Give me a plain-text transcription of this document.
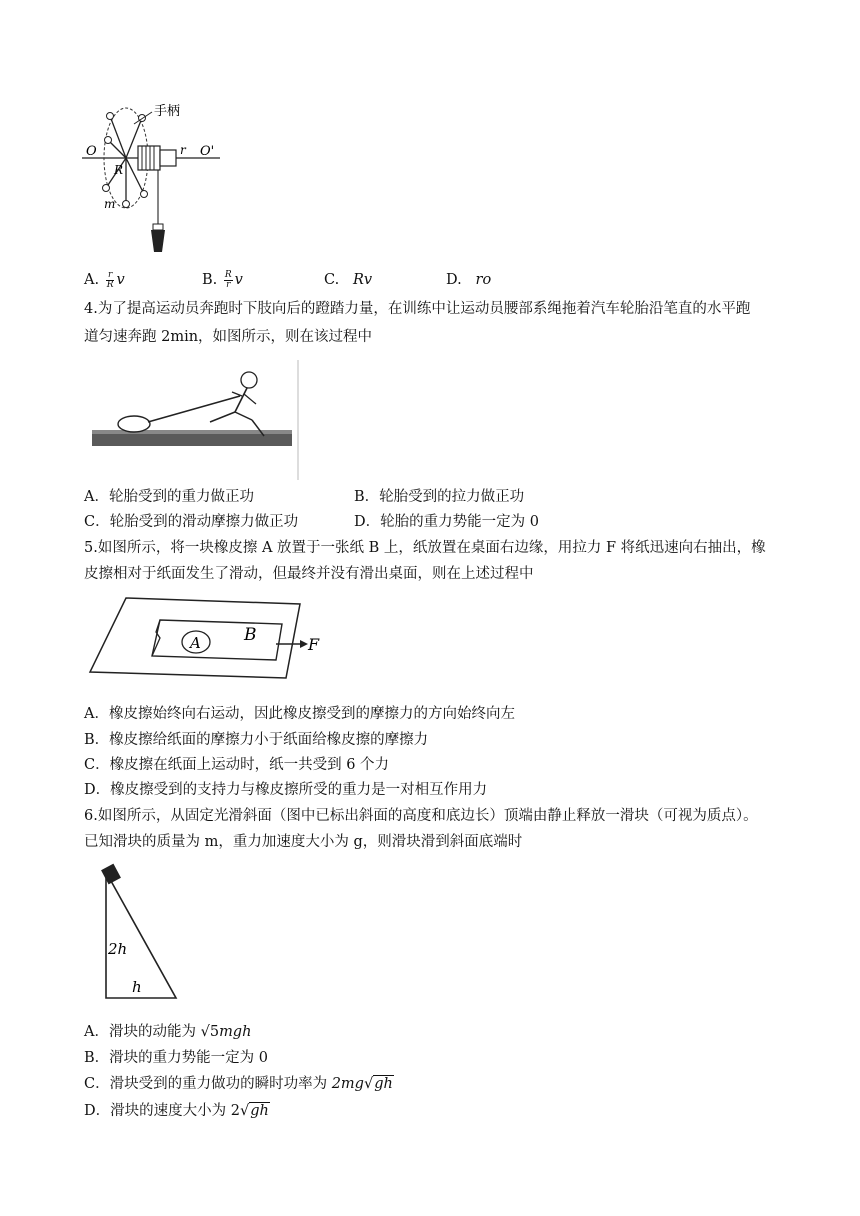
手柄
O	O'
R
r
m
A. $\frac{r}{R}$ v	B. $\frac{R}{r}$ v	C. Rv	D. ro
4.为了提高运动员奔跑时下肢向后的蹬踏力量，在训练中让运动员腰部系绳拖着汽车轮胎沿笔直的水平跑
道匀速奔跑 2min，如图所示，则在该过程中
A．轮胎受到的重力做正功	B．轮胎受到的拉力做正功
C．轮胎受到的滑动摩擦力做正功	D．轮胎的重力势能一定为 0
5.如图所示，将一块橡皮擦 A 放置于一张纸 B 上，纸放置在桌面右边缘，用拉力 F 将纸迅速向右抽出，橡
皮擦相对于纸面发生了滑动，但最终并没有滑出桌面，则在上述过程中
A	B	F
A．橡皮擦始终向右运动，因此橡皮擦受到的摩擦力的方向始终向左
B．橡皮擦给纸面的摩擦力小于纸面给橡皮擦的摩擦力
C．橡皮擦在纸面上运动时，纸一共受到 6 个力
D．橡皮擦受到的支持力与橡皮擦所受的重力是一对相互作用力
6.如图所示，从固定光滑斜面（图中已标出斜面的高度和底边长）顶端由静止释放一滑块（可视为质点）。
已知滑块的质量为 m，重力加速度大小为 g，则滑块滑到斜面底端时
2h
h
A．滑块的动能为 √5mgh
B．滑块的重力势能一定为 0
C．滑块受到的重力做功的瞬时功率为 2mg√gh
D．滑块的速度大小为 2√gh
